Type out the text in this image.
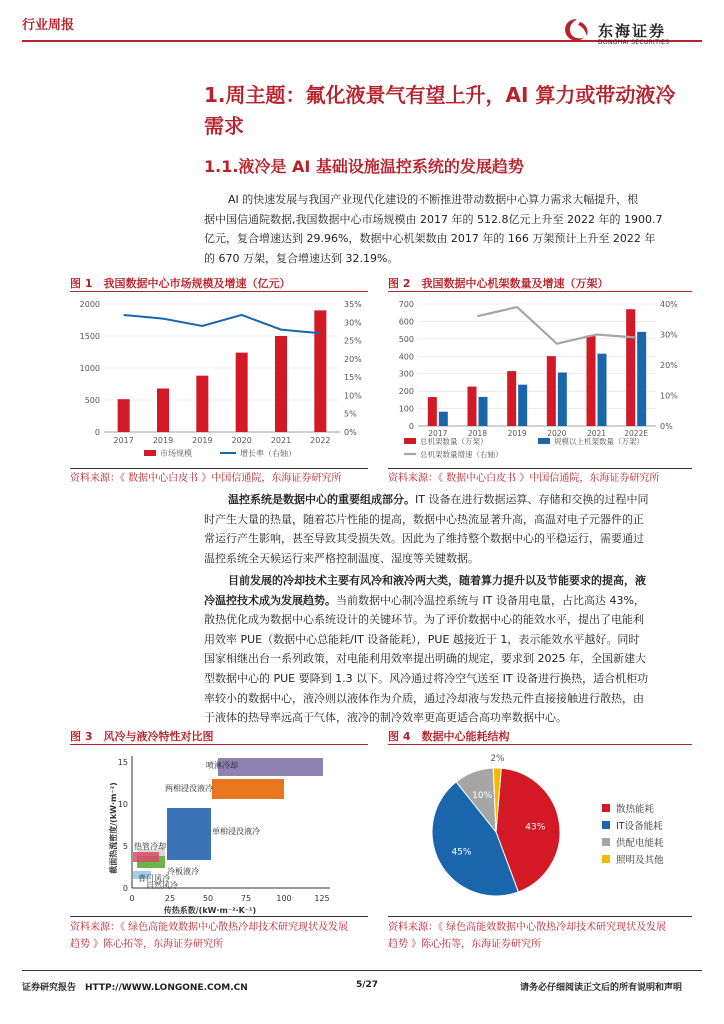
行业周报	东海证券
DONGHAI SECURITIES
1.周主题：氟化液景气有望上升，AI 算力或带动液冷需求
1.1.液冷是 AI 基础设施温控系统的发展趋势
AI 的快速发展与我国产业现代化建设的不断推进带动数据中心算力需求大幅提升，根
据中国信通院数据,我国数据中心市场规模由 2017 年的 512.8亿元上升至 2022 年的 1900.7
亿元，复合增速达到 29.96%，数据中心机架数由 2017 年的 166 万架预计上升至 2022 年
的 670 万架，复合增速达到 32.19%。
图 1　我国数据中心市场规模及增速（亿元）
0
500
1000
1500
2000
0%
5%
10%
15%
20%
25%
30%
35%
2017 2019 2019 2020 2021 2022
市场规模	增长率（右轴）
资料来源：《 数据中心白皮书 》中国信通院，东海证券研究所
图 2　我国数据中心机架数量及增速（万架）
0
100
200
300
400
500
600
700
0%
10%
20%
30%
40%
2017	2018	2019	2020	2021 2022E
总机架数量（万架）	规模以上机架数量（万架）
总机架数量增速（右轴）
资料来源：《 数据中心白皮书 》中国信通院，东海证券研究所
温控系统是数据中心的重要组成部分。IT 设备在进行数据运算、存储和交换的过程中同
时产生大量的热量，随着芯片性能的提高，数据中心热流显著升高，高温对电子元器件的正
常运行产生影响，甚至导致其受损失效。因此为了维持整个数据中心的平稳运行，需要通过
温控系统全天候运行来严格控制温度、湿度等关键数据。
目前发展的冷却技术主要有风冷和液冷两大类，随着算力提升以及节能要求的提高，液
冷温控技术成为发展趋势。当前数据中心制冷温控系统与 IT 设备用电量，占比高达 43%，
散热优化成为数据中心系统设计的关键环节。为了评价数据中心的能效水平，提出了电能利
用效率 PUE（数据中心总能耗/IT 设备能耗），PUE 越接近于 1，表示能效水平越好。同时
国家相继出台一系列政策，对电能利用效率提出明确的规定，要求到 2025 年，全国新建大
型数据中心的 PUE 要降到 1.3 以下。风冷通过将冷空气送至 IT 设备进行换热，适合机柜功
率较小的数据中心，液冷则以液体作为介质，通过冷却液与发热元件直接接触进行散热，由
于液体的热导率远高于气体，液冷的制冷效率更高更适合高功率数据中心。
图 3　风冷与液冷特性对比图
0
5
10
15
0	25	50	75	100	125
传热系数/(kW·m⁻²·K⁻¹)
截面热流密度/(kW·m⁻²)
喷淋冷却
两相浸没液冷
单相浸没液冷
热管冷却
冷板液冷
背门风冷
自然风冷
资料来源：《 绿色高能效数据中心散热冷却技术研究现状及发展
趋势 》陈心拓等，东海证券研究所
图 4　数据中心能耗结构
43%
45%
10%
2%
散热能耗
IT设备能耗
供配电能耗
照明及其他
资料来源：《 绿色高能效数据中心散热冷却技术研究现状及发展
趋势 》陈心拓等，东海证券研究所
证券研究报告　HTTP://WWW.LONGONE.COM.CN	5/27	请务必仔细阅读正文后的所有说明和声明
